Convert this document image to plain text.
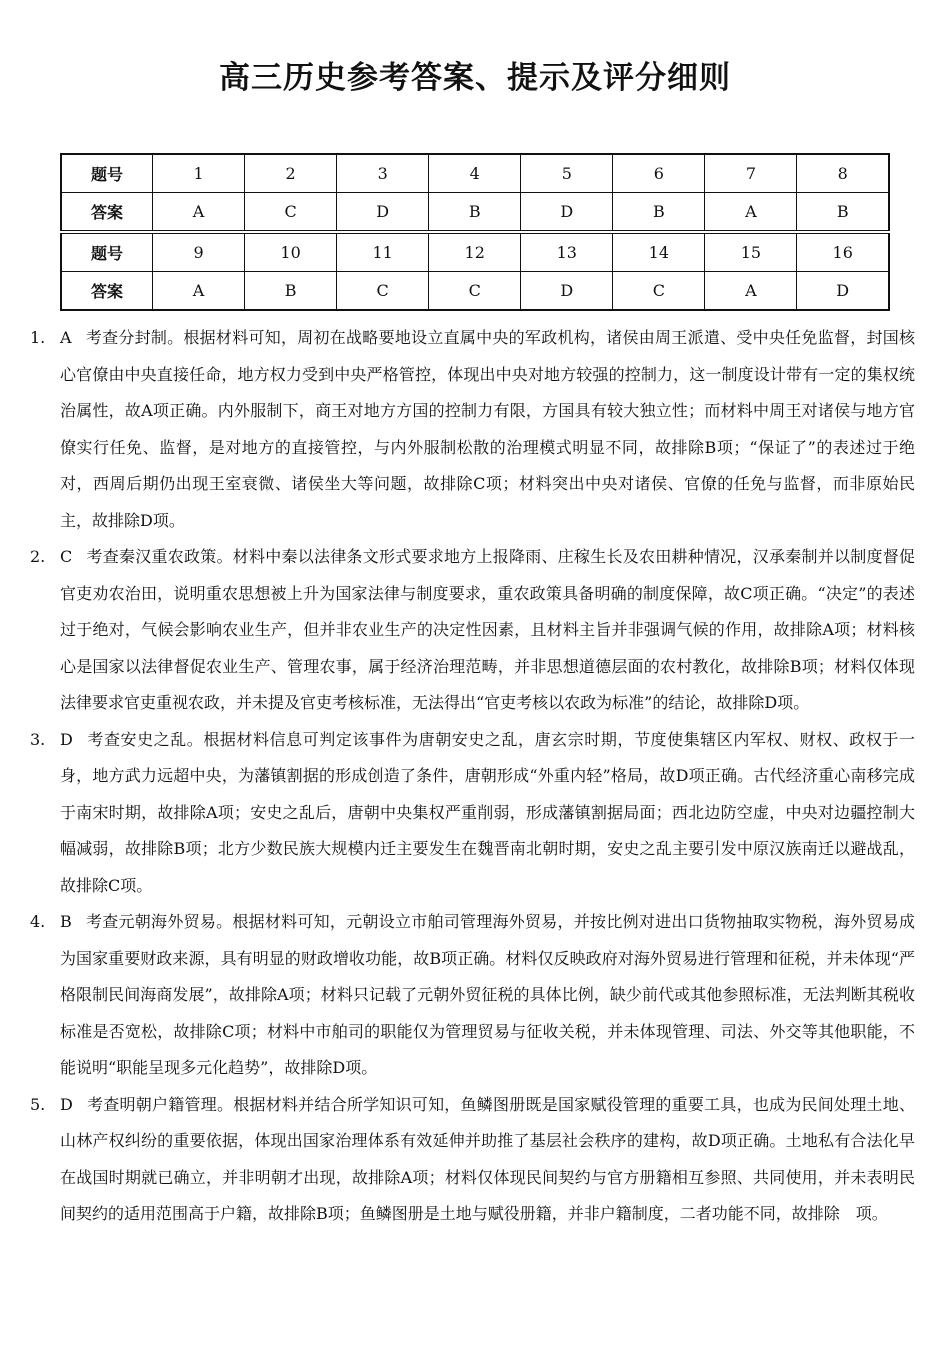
高三历史参考答案、提示及评分细则
题号	1	2	3	4	5	6	7	8
答案	A	C	D	B	D	B	A	B
题号	9	10	11	12	13	14	15	16
答案	A	B	C	C	D	C	A	D

1. A 考查分封制。根据材料可知，周初在战略要地设立直属中央的军政机构，诸侯由周王派遣、受中央任免监督，封国核心官僚由中央直接任命，地方权力受到中央严格管控，体现出中央对地方较强的控制力，这一制度设计带有一定的集权统治属性，故A项正确。内外服制下，商王对地方方国的控制力有限，方国具有较大独立性；而材料中周王对诸侯与地方官僚实行任免、监督，是对地方的直接管控，与内外服制松散的治理模式明显不同，故排除B项；“保证了”的表述过于绝对，西周后期仍出现王室衰微、诸侯坐大等问题，故排除C项；材料突出中央对诸侯、官僚的任免与监督，而非原始民主，故排除D项。

2. C 考查秦汉重农政策。材料中秦以法律条文形式要求地方上报降雨、庄稼生长及农田耕种情况，汉承秦制并以制度督促官吏劝农治田，说明重农思想被上升为国家法律与制度要求，重农政策具备明确的制度保障，故C项正确。“决定”的表述过于绝对，气候会影响农业生产，但并非农业生产的决定性因素，且材料主旨并非强调气候的作用，故排除A项；材料核心是国家以法律督促农业生产、管理农事，属于经济治理范畴，并非思想道德层面的农村教化，故排除B项；材料仅体现法律要求官吏重视农政，并未提及官吏考核标准，无法得出“官吏考核以农政为标准”的结论，故排除D项。

3. D 考查安史之乱。根据材料信息可判定该事件为唐朝安史之乱，唐玄宗时期，节度使集辖区内军权、财权、政权于一身，地方武力远超中央，为藩镇割据的形成创造了条件，唐朝形成“外重内轻”格局，故D项正确。古代经济重心南移完成于南宋时期，故排除A项；安史之乱后，唐朝中央集权严重削弱，形成藩镇割据局面；西北边防空虚，中央对边疆控制大幅减弱，故排除B项；北方少数民族大规模内迁主要发生在魏晋南北朝时期，安史之乱主要引发中原汉族南迁以避战乱，故排除C项。

4. B 考查元朝海外贸易。根据材料可知，元朝设立市舶司管理海外贸易，并按比例对进出口货物抽取实物税，海外贸易成为国家重要财政来源，具有明显的财政增收功能，故B项正确。材料仅反映政府对海外贸易进行管理和征税，并未体现“严格限制民间海商发展”，故排除A项；材料只记载了元朝外贸征税的具体比例，缺少前代或其他参照标准，无法判断其税收标准是否宽松，故排除C项；材料中市舶司的职能仅为管理贸易与征收关税，并未体现管理、司法、外交等其他职能，不能说明“职能呈现多元化趋势”，故排除D项。

5. D 考查明朝户籍管理。根据材料并结合所学知识可知，鱼鳞图册既是国家赋役管理的重要工具，也成为民间处理土地、山林产权纠纷的重要依据，体现出国家治理体系有效延伸并助推了基层社会秩序的建构，故D项正确。土地私有合法化早在战国时期就已确立，并非明朝才出现，故排除A项；材料仅体现民间契约与官方册籍相互参照、共同使用，并未表明民间契约的适用范围高于户籍，故排除B项；鱼鳞图册是土地与赋役册籍，并非户籍制度，二者功能不同，故排除　项。
